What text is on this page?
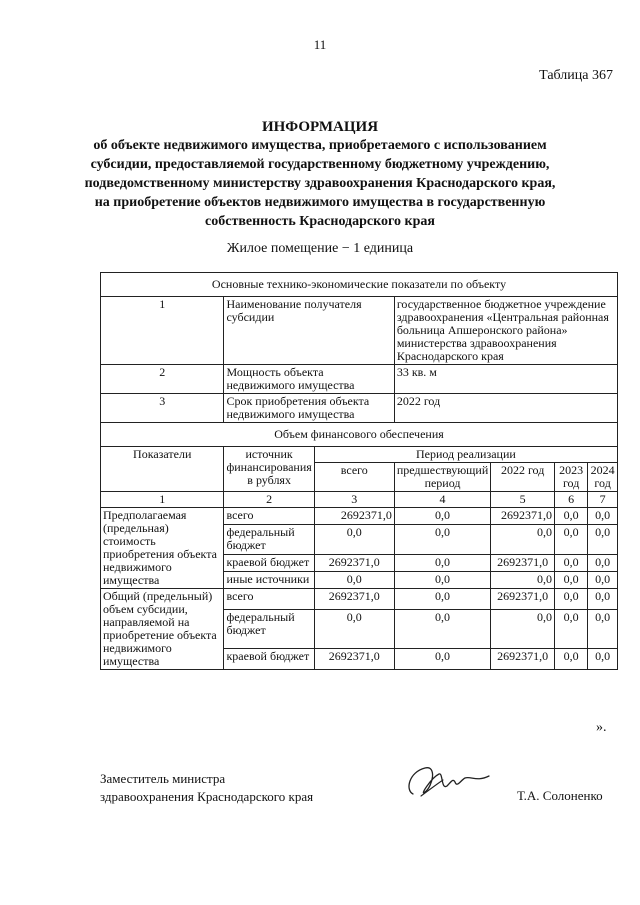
11
Таблица 367
ИНФОРМАЦИЯ
об объекте недвижимого имущества, приобретаемого с использованием
субсидии, предоставляемой государственному бюджетному учреждению,
подведомственному министерству здравоохранения Краснодарского края,
на приобретение объектов недвижимого имущества в государственную
собственность Краснодарского края
Жилое помещение − 1 единица
Основные технико-экономические показатели по объекту						
1	Наименование получателя субсидии		государственное бюджетное учреждение здравоохранения «Центральная районная больница Апшеронского района» министерства здравоохранения Краснодарского края			
2	Мощность объекта недвижимого имущества		33 кв. м			
3	Срок приобретения объекта недвижимого имущества		2022 год			
Объем финансового обеспечения						
Показатели	источник финансирования в рублях	Период реализации				
		всего	предшествующий период	2022 год	2023 год	2024 год
1	2	3	4	5	6	7
Предполагаемая (предельная) стоимость приобретения объекта недвижимого имущества	всего	2692371,0	0,0	2692371,0	0,0	0,0
	федеральный бюджет	0,0	0,0	0,0	0,0	0,0
	краевой бюджет	2692371,0	0,0	2692371,0	0,0	0,0
	иные источники	0,0	0,0	0,0	0,0	0,0
Общий (предельный) объем субсидии, направляемой на приобретение объекта недвижимого имущества	всего	2692371,0	0,0	2692371,0	0,0	0,0
	федеральный бюджет	0,0	0,0	0,0	0,0	0,0
	краевой бюджет	2692371,0	0,0	2692371,0	0,0	0,0
».
Заместитель министра
здравоохранения Краснодарского края	Т.А. Солоненко
